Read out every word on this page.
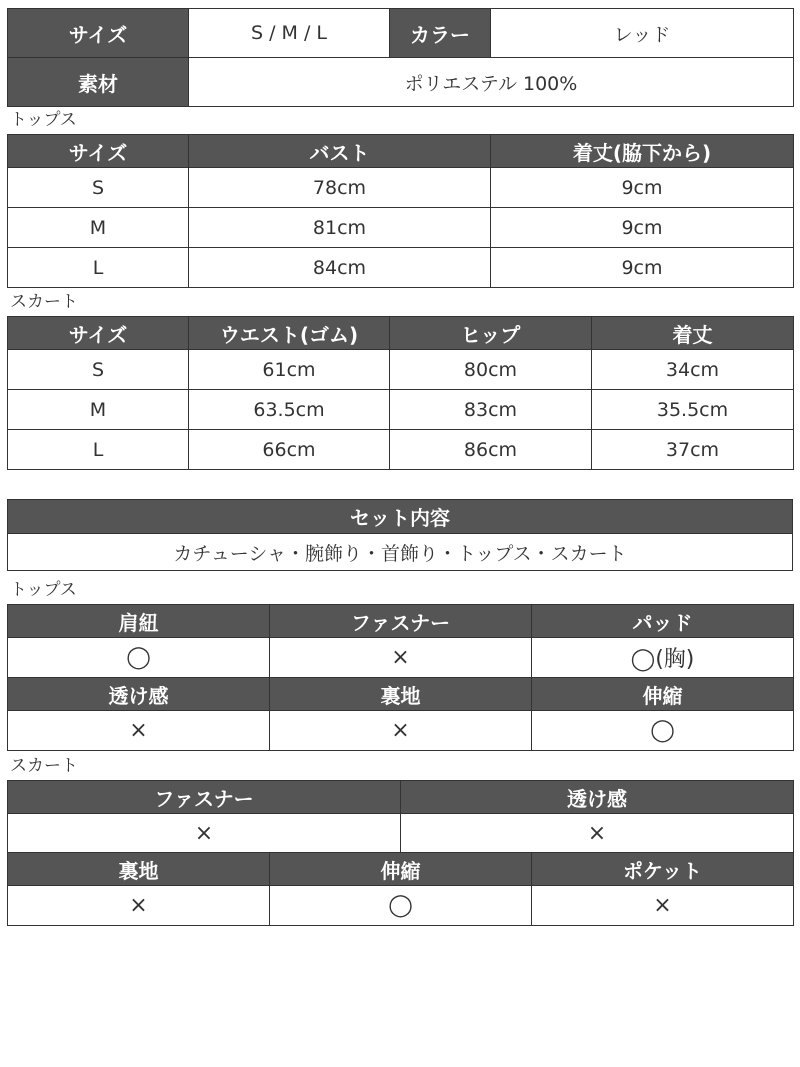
サイズ	S / M / L	カラー	レッド
素材	ポリエステル 100%		
トップス
サイズ	バスト	着丈(脇下から)
S	78cm	9cm
M	81cm	9cm
L	84cm	9cm
スカート
サイズ	ウエスト(ゴム)	ヒップ	着丈
S	61cm	80cm	34cm
M	63.5cm	83cm	35.5cm
L	66cm	86cm	37cm
セット内容
カチューシャ・腕飾り・首飾り・トップス・スカート
トップス
肩紐	ファスナー	パッド
◯	×	◯(胸)
透け感	裏地	伸縮
×	×	◯
スカート
ファスナー	透け感
×	×
裏地	伸縮	ポケット
×	◯	×
